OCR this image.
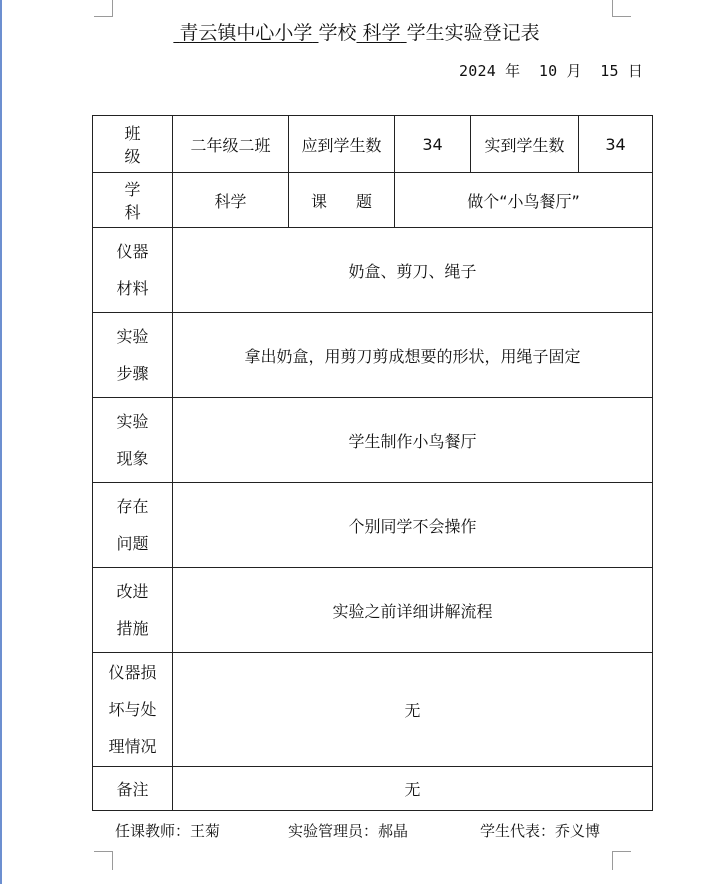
青云镇中心小学 学校 科学 学生实验登记表
2024 年 10 月 15 日
班 级	二年级二班	应到学生数	34	实到学生数	34
学 科	科学	课 题	做个“小鸟餐厅”		

仪器
材料	奶盒、剪刀、绳子				

实验
步骤	拿出奶盒，用剪刀剪成想要的形状，用绳子固定				

实验
现象	学生制作小鸟餐厅				

存在
问题	个别同学不会操作				

改进
措施	实验之前详细讲解流程				

仪器损
坏与处
理情况	无				
备注	无				
任课教师：王菊	实验管理员：郝晶	学生代表：乔义博
